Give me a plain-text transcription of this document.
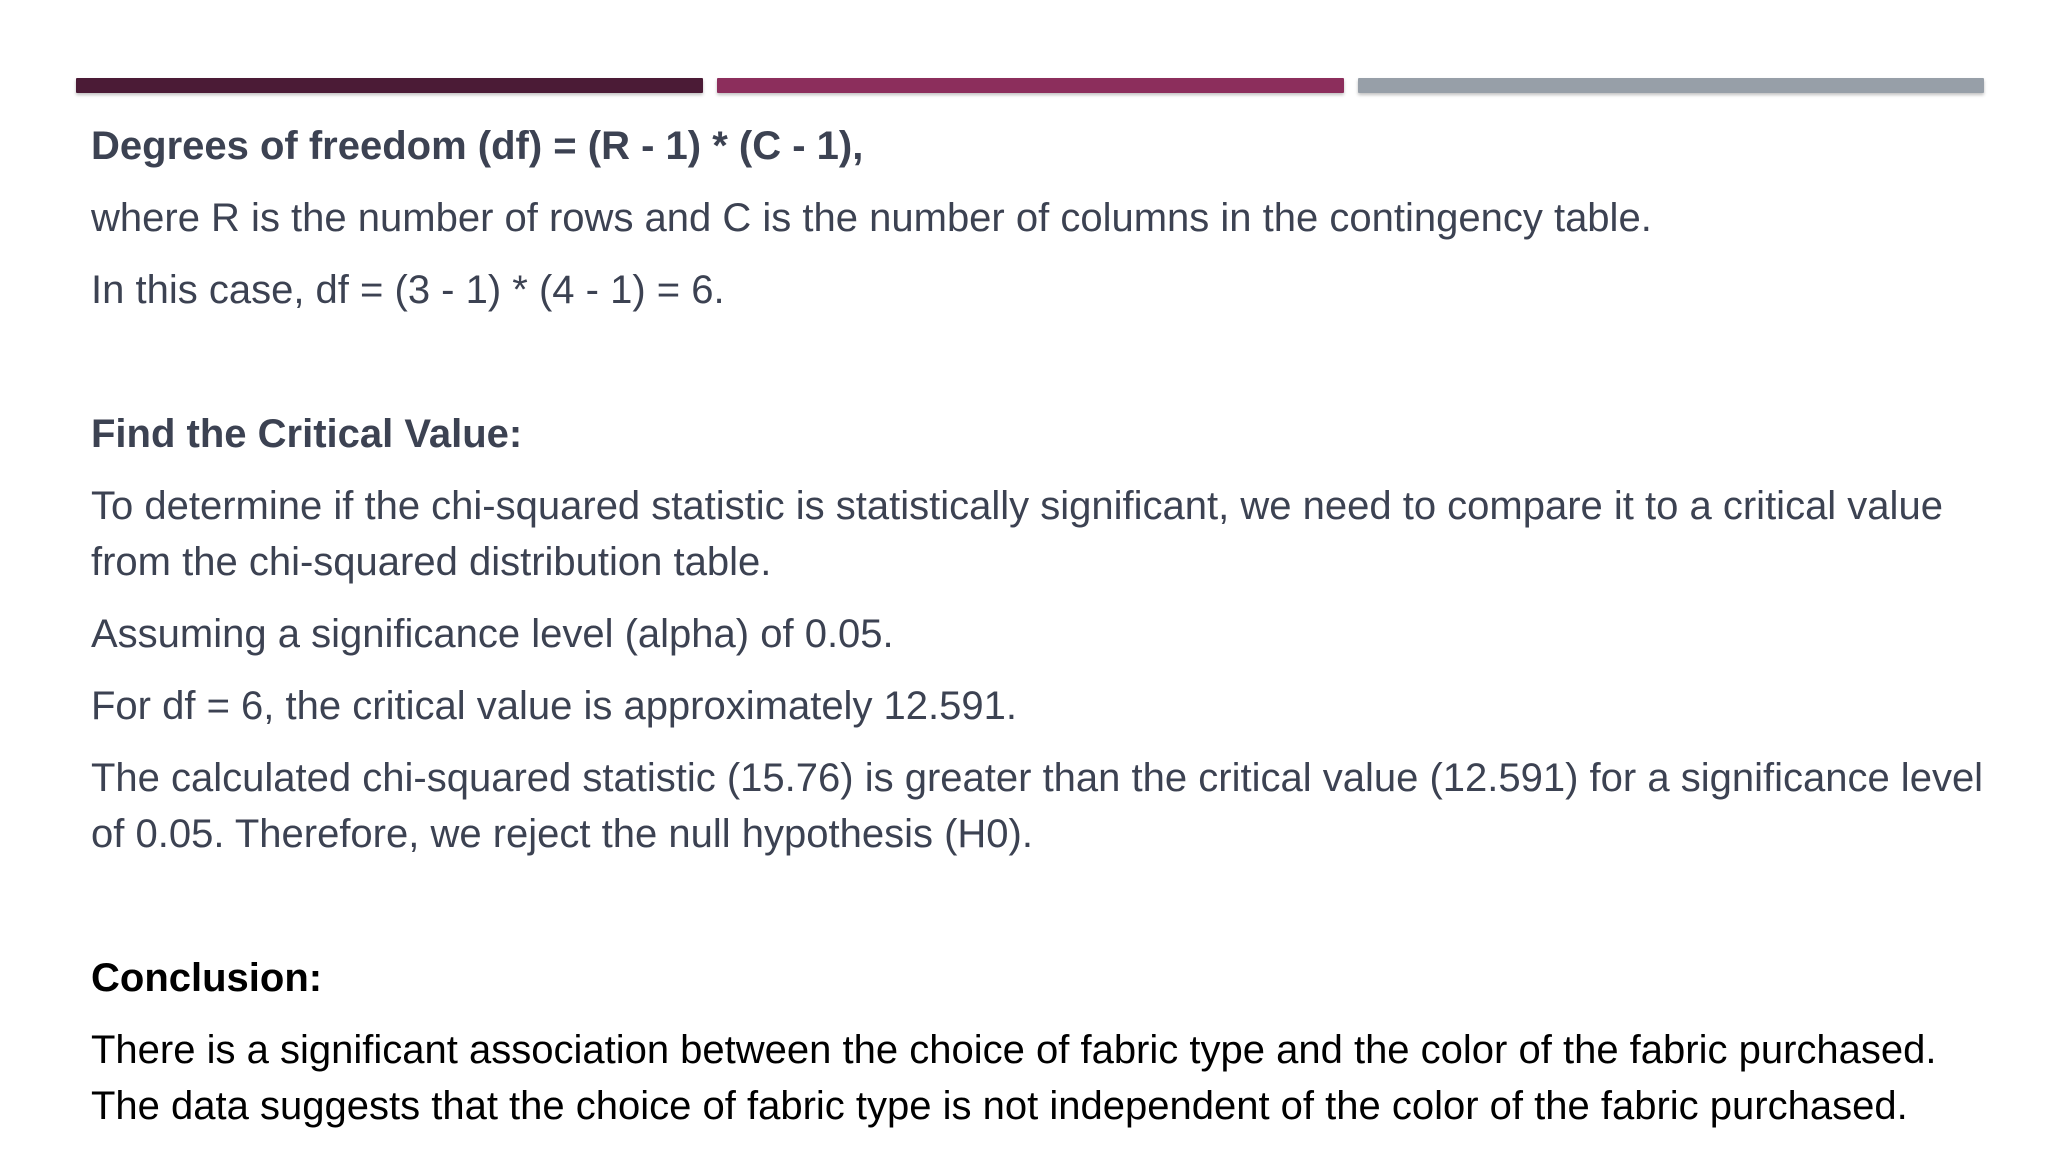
Degrees of freedom (df) = (R - 1) * (C - 1),

where R is the number of rows and C is the number of columns in the contingency table.

In this case, df = (3 - 1) * (4 - 1) = 6.

Find the Critical Value:

To determine if the chi-squared statistic is statistically significant, we need to compare it to a critical value from the chi-squared distribution table.

Assuming a significance level (alpha) of 0.05.

For df = 6, the critical value is approximately 12.591.

The calculated chi-squared statistic (15.76) is greater than the critical value (12.591) for a significance level of 0.05. Therefore, we reject the null hypothesis (H0).

Conclusion:

There is a significant association between the choice of fabric type and the color of the fabric purchased. The data suggests that the choice of fabric type is not independent of the color of the fabric purchased.
